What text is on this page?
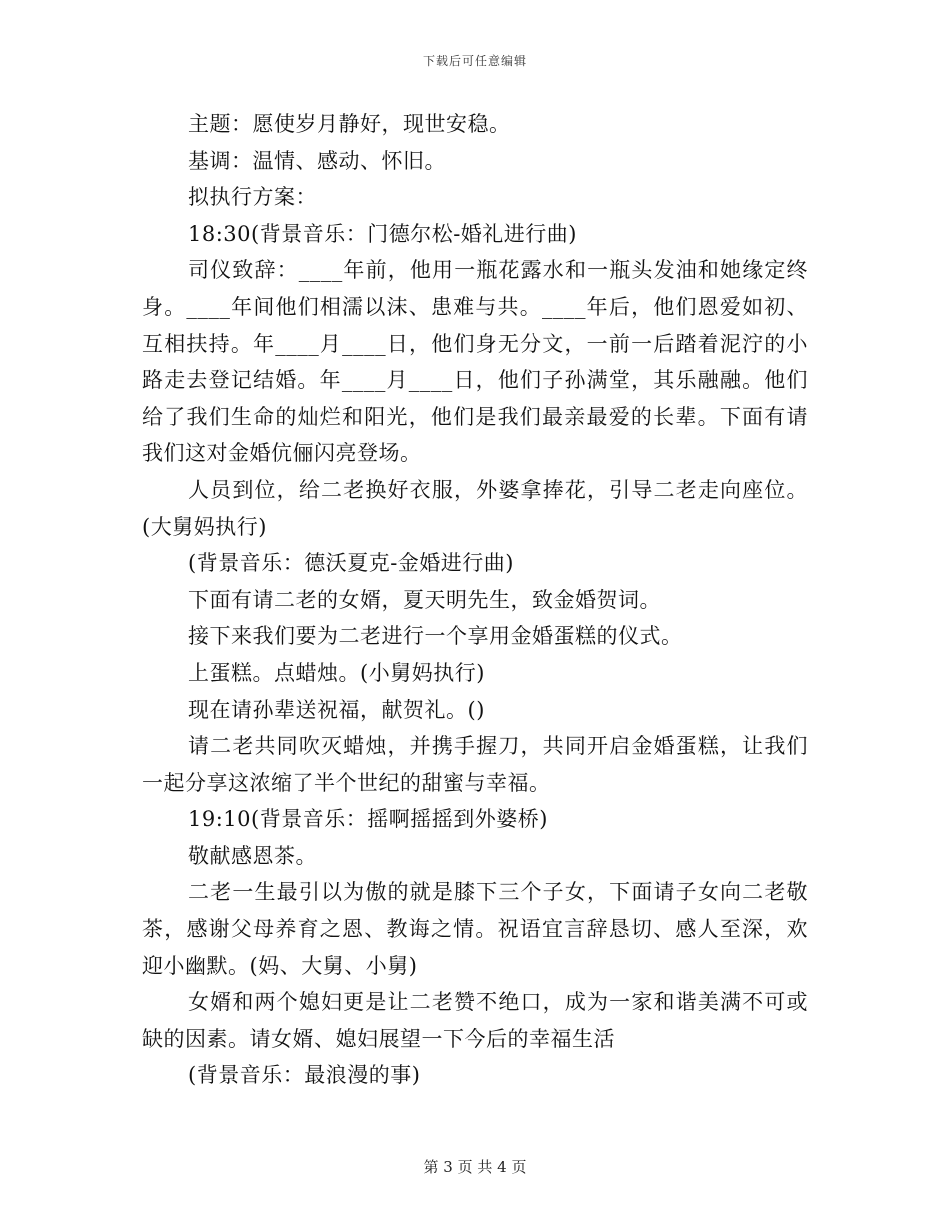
下载后可任意编辑

主题：愿使岁月静好，现世安稳。

基调：温情、感动、怀旧。

拟执行方案：

18:30(背景音乐：门德尔松-婚礼进行曲)

司仪致辞：____年前，他用一瓶花露水和一瓶头发油和她缘定终身。____年间他们相濡以沫、患难与共。____年后，他们恩爱如初、互相扶持。年____月____日，他们身无分文，一前一后踏着泥泞的小路走去登记结婚。年____月____日，他们子孙满堂，其乐融融。他们给了我们生命的灿烂和阳光，他们是我们最亲最爱的长辈。下面有请我们这对金婚伉俪闪亮登场。

人员到位，给二老换好衣服，外婆拿捧花，引导二老走向座位。(大舅妈执行)

(背景音乐：德沃夏克-金婚进行曲)

下面有请二老的女婿，夏天明先生，致金婚贺词。

接下来我们要为二老进行一个享用金婚蛋糕的仪式。

上蛋糕。点蜡烛。(小舅妈执行)

现在请孙辈送祝福，献贺礼。()

请二老共同吹灭蜡烛，并携手握刀，共同开启金婚蛋糕，让我们一起分享这浓缩了半个世纪的甜蜜与幸福。

19:10(背景音乐：摇啊摇摇到外婆桥)

敬献感恩茶。

二老一生最引以为傲的就是膝下三个子女，下面请子女向二老敬茶，感谢父母养育之恩、教诲之情。祝语宜言辞恳切、感人至深，欢迎小幽默。(妈、大舅、小舅)

女婿和两个媳妇更是让二老赞不绝口，成为一家和谐美满不可或缺的因素。请女婿、媳妇展望一下今后的幸福生活

(背景音乐：最浪漫的事)

第 3 页 共 4 页
